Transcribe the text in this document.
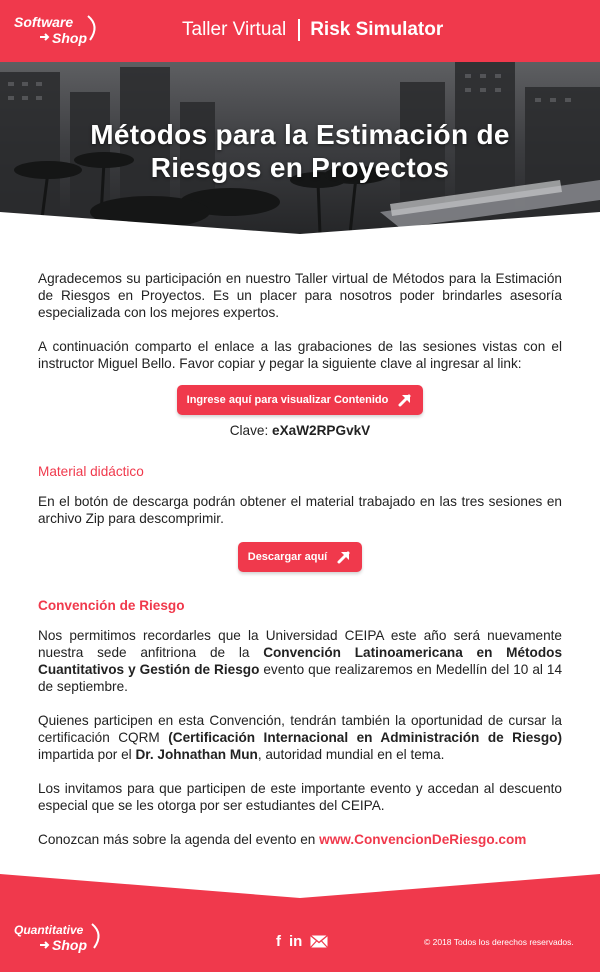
Software
Shop	Taller Virtual Risk Simulator
Métodos para la Estimación de
Riesgos en Proyectos

Agradecemos su participación en nuestro Taller virtual de Métodos para la Estimación de Riesgos en Proyectos. Es un placer para nosotros poder brindarles asesoría especializada con los mejores expertos.

A continuación comparto el enlace a las grabaciones de las sesiones vistas con el instructor Miguel Bello. Favor copiar y pegar la siguiente clave al ingresar al link:

Ingrese aquí para visualizar Contenido
Clave: eXaW2RPGvkV
Material didáctico

En el botón de descarga podrán obtener el material trabajado en las tres sesiones en archivo Zip para descomprimir.

Descargar aquí
Convención de Riesgo

Nos permitimos recordarles que la Universidad CEIPA este año será nuevamente nuestra sede anfitriona de la Convención Latinoamericana en Métodos Cuantitativos y Gestión de Riesgo evento que realizaremos en Medellín del 10 al 14 de septiembre.

Quienes participen en esta Convención, tendrán también la oportunidad de cursar la certificación CQRM (Certificación Internacional en Administración de Riesgo) impartida por el Dr. Johnathan Mun, autoridad mundial en el tema.

Los invitamos para que participen de este importante evento y accedan al descuento especial que se les otorga por ser estudiantes del CEIPA.

Conozcan más sobre la agenda del evento en www.ConvencionDeRiesgo.com

Quantitative
Shop	f in	© 2018 Todos los derechos reservados.
